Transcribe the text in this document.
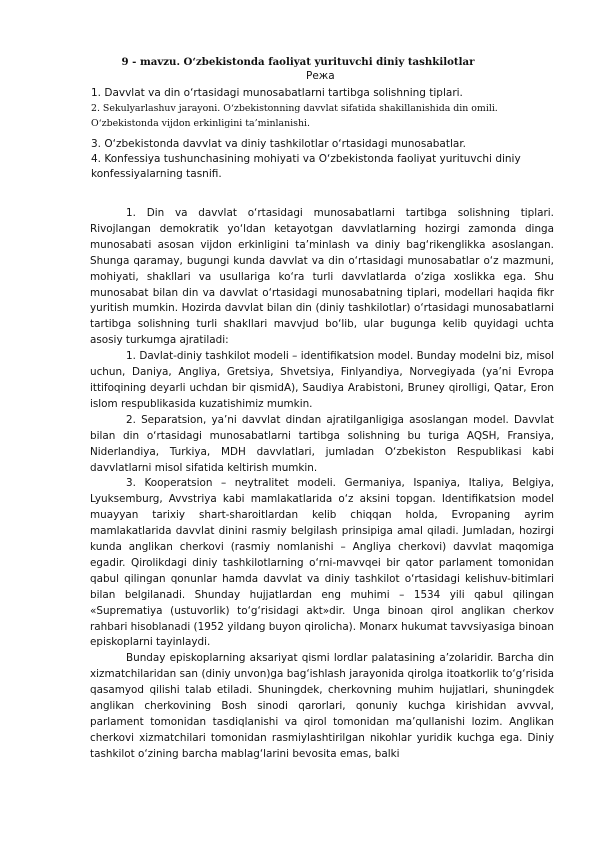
9 - mavzu. O‘zbekistonda faoliyat yurituvchi diniy tashkilotlar
Режа
1. Davvlat va din o‘rtasidagi munosabatlarni tartibga solishning tiplari.
2. Sekulyarlashuv jarayoni. O‘zbekistonning davvlat sifatida shakillanishida din omili.
O‘zbekistonda vijdon erkinligini ta’minlanishi.
3. O‘zbekistonda davvlat va diniy tashkilotlar o‘rtasidagi munosabatlar.
4. Konfessiya tushunchasining mohiyati va O‘zbekistonda faoliyat yurituvchi diniy konfessiyalarning tasnifi.

1. Din va davvlat o‘rtasidagi munosabatlarni tartibga solishning tiplari. Rivojlangan demokratik yo‘ldan ketayotgan davvlatlarning hozirgi zamonda dinga munosabati asosan vijdon erkinligini ta’minlash va diniy bag‘rikenglikka asoslangan. Shunga qaramay, bugungi kunda davvlat va din o‘rtasidagi munosabatlar o‘z mazmuni, mohiyati, shakllari va usullariga ko‘ra turli davvlatlarda o‘ziga xoslikka ega. Shu munosabat bilan din va davvlat o‘rtasidagi munosabatning tiplari, modellari haqida fikr yuritish mumkin. Hozirda davvlat bilan din (diniy tashkilotlar) o‘rtasidagi munosabatlarni tartibga solishning turli shakllari mavvjud bo‘lib, ular bugunga kelib quyidagi uchta asosiy turkumga ajratiladi:

1. Davlat-diniy tashkilot modeli – identifikatsion model. Bunday modelni biz, misol uchun, Daniya, Angliya, Gretsiya, Shvetsiya, Finlyandiya, Norvegiyada (ya’ni Evropa ittifoqining deyarli uchdan bir qismidA), Saudiya Arabistoni, Bruney qirolligi, Qatar, Eron islom respublikasida kuzatishimiz mumkin.

2. Separatsion, ya’ni davvlat dindan ajratilganligiga asoslangan model. Davvlat bilan din o‘rtasidagi munosabatlarni tartibga solishning bu turiga AQSH, Fransiya, Niderlandiya, Turkiya, MDH davvlatlari, jumladan O‘zbekiston Respublikasi kabi davvlatlarni misol sifatida keltirish mumkin.

3. Kooperatsion – neytralitet modeli. Germaniya, Ispaniya, Italiya, Belgiya, Lyuksemburg, Avvstriya kabi mamlakatlarida o‘z aksini topgan. Identifikatsion model muayyan tarixiy shart-sharoitlardan kelib chiqqan holda, Evropaning ayrim mamlakatlarida davvlat dinini rasmiy belgilash prinsipiga amal qiladi. Jumladan, hozirgi kunda anglikan cherkovi (rasmiy nomlanishi – Angliya cherkovi) davvlat maqomiga egadir. Qirolikdagi diniy tashkilotlarning o‘rni-mavvqei bir qator parlament tomonidan qabul qilingan qonunlar hamda davvlat va diniy tashkilot o‘rtasidagi kelishuv-bitimlari bilan belgilanadi. Shunday hujjatlardan eng muhimi – 1534 yili qabul qilingan «Suprematiya (ustuvorlik) to‘g‘risidagi akt»dir. Unga binoan qirol anglikan cherkov rahbari hisoblanadi (1952 yildang buyon qirolicha). Monarx hukumat tavvsiyasiga binoan episkoplarni tayinlaydi.

Bunday episkoplarning aksariyat qismi lordlar palatasining a’zolaridir. Barcha din xizmatchilaridan san (diniy unvon)ga bag‘ishlash jarayonida qirolga itoatkorlik to‘g‘risida qasamyod qilishi talab etiladi. Shuningdek, cherkovning muhim hujjatlari, shuningdek anglikan cherkovining Bosh sinodi qarorlari, qonuniy kuchga kirishidan avvval, parlament tomonidan tasdiqlanishi va qirol tomonidan ma’qullanishi lozim. Anglikan cherkovi xizmatchilari tomonidan rasmiylashtirilgan nikohlar yuridik kuchga ega. Diniy tashkilot o‘zining barcha mablag‘larini bevosita emas, balki
